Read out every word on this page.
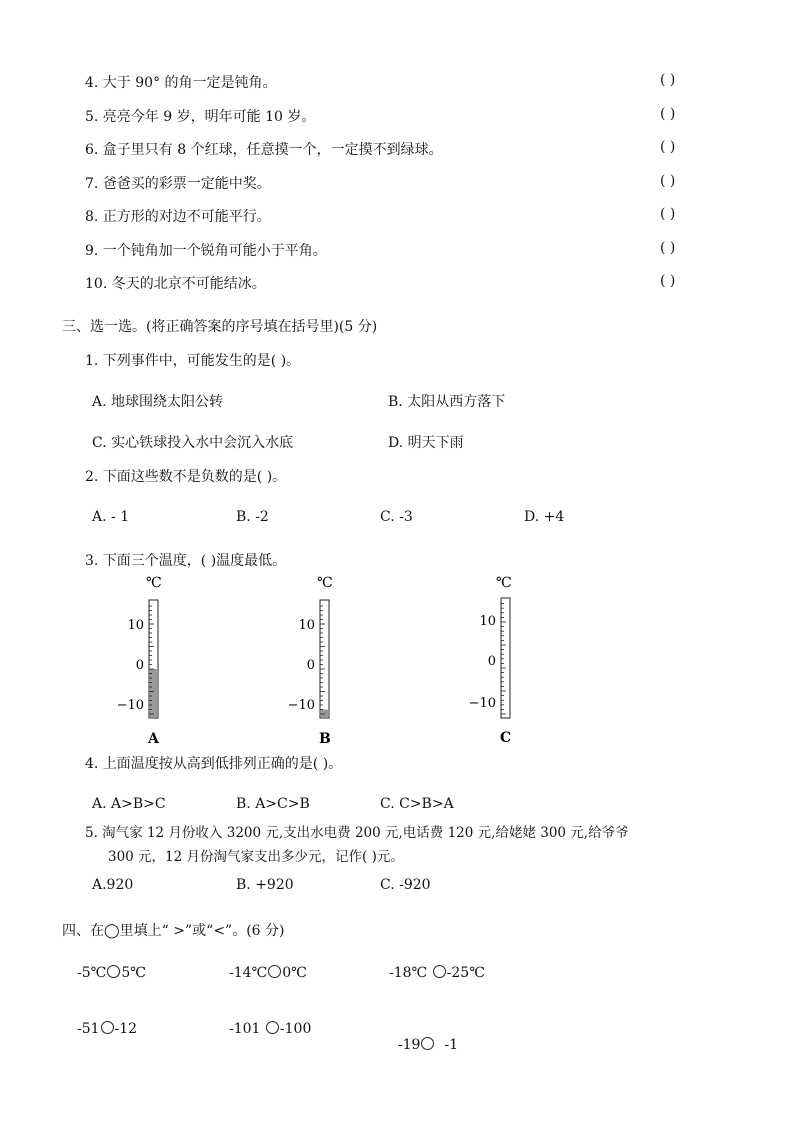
4. 大于 90° 的角一定是钝角。	( )
5. 亮亮今年 9 岁，明年可能 10 岁。	( )
6. 盒子里只有 8 个红球，任意摸一个，一定摸不到绿球。	( )
7. 爸爸买的彩票一定能中奖。	( )
8. 正方形的对边不可能平行。	( )
9. 一个钝角加一个锐角可能小于平角。	( )
10. 冬天的北京不可能结冰。	( )
三、选一选。(将正确答案的序号填在括号里)(5 分)
1. 下列事件中，可能发生的是( )。
A. 地球围绕太阳公转	B. 太阳从西方落下
C. 实心铁球投入水中会沉入水底	D. 明天下雨
2. 下面这些数不是负数的是( )。
A. - 1	B. -2	C. -3	D. +4
3. 下面三个温度，( )温度最低。
℃
10
0
−10
A
℃
10
0
−10
B
℃
10
0
−10
C
4. 上面温度按从高到低排列正确的是( )。
A. A>B>C	B. A>C>B	C. C>B>A
5. 淘气家 12 月份收入 3200 元,支出水电费 200 元,电话费 120 元,给姥姥 300 元,给爷爷
300 元，12 月份淘气家支出多少元，记作( )元。
A.920	B. +920	C. -920
四、在◯里填上“ >”或“<”。(6 分)
-5℃ 5℃	-14℃ 0℃	-18℃ -25℃
-51 -12	-101 -100

-19  -1
